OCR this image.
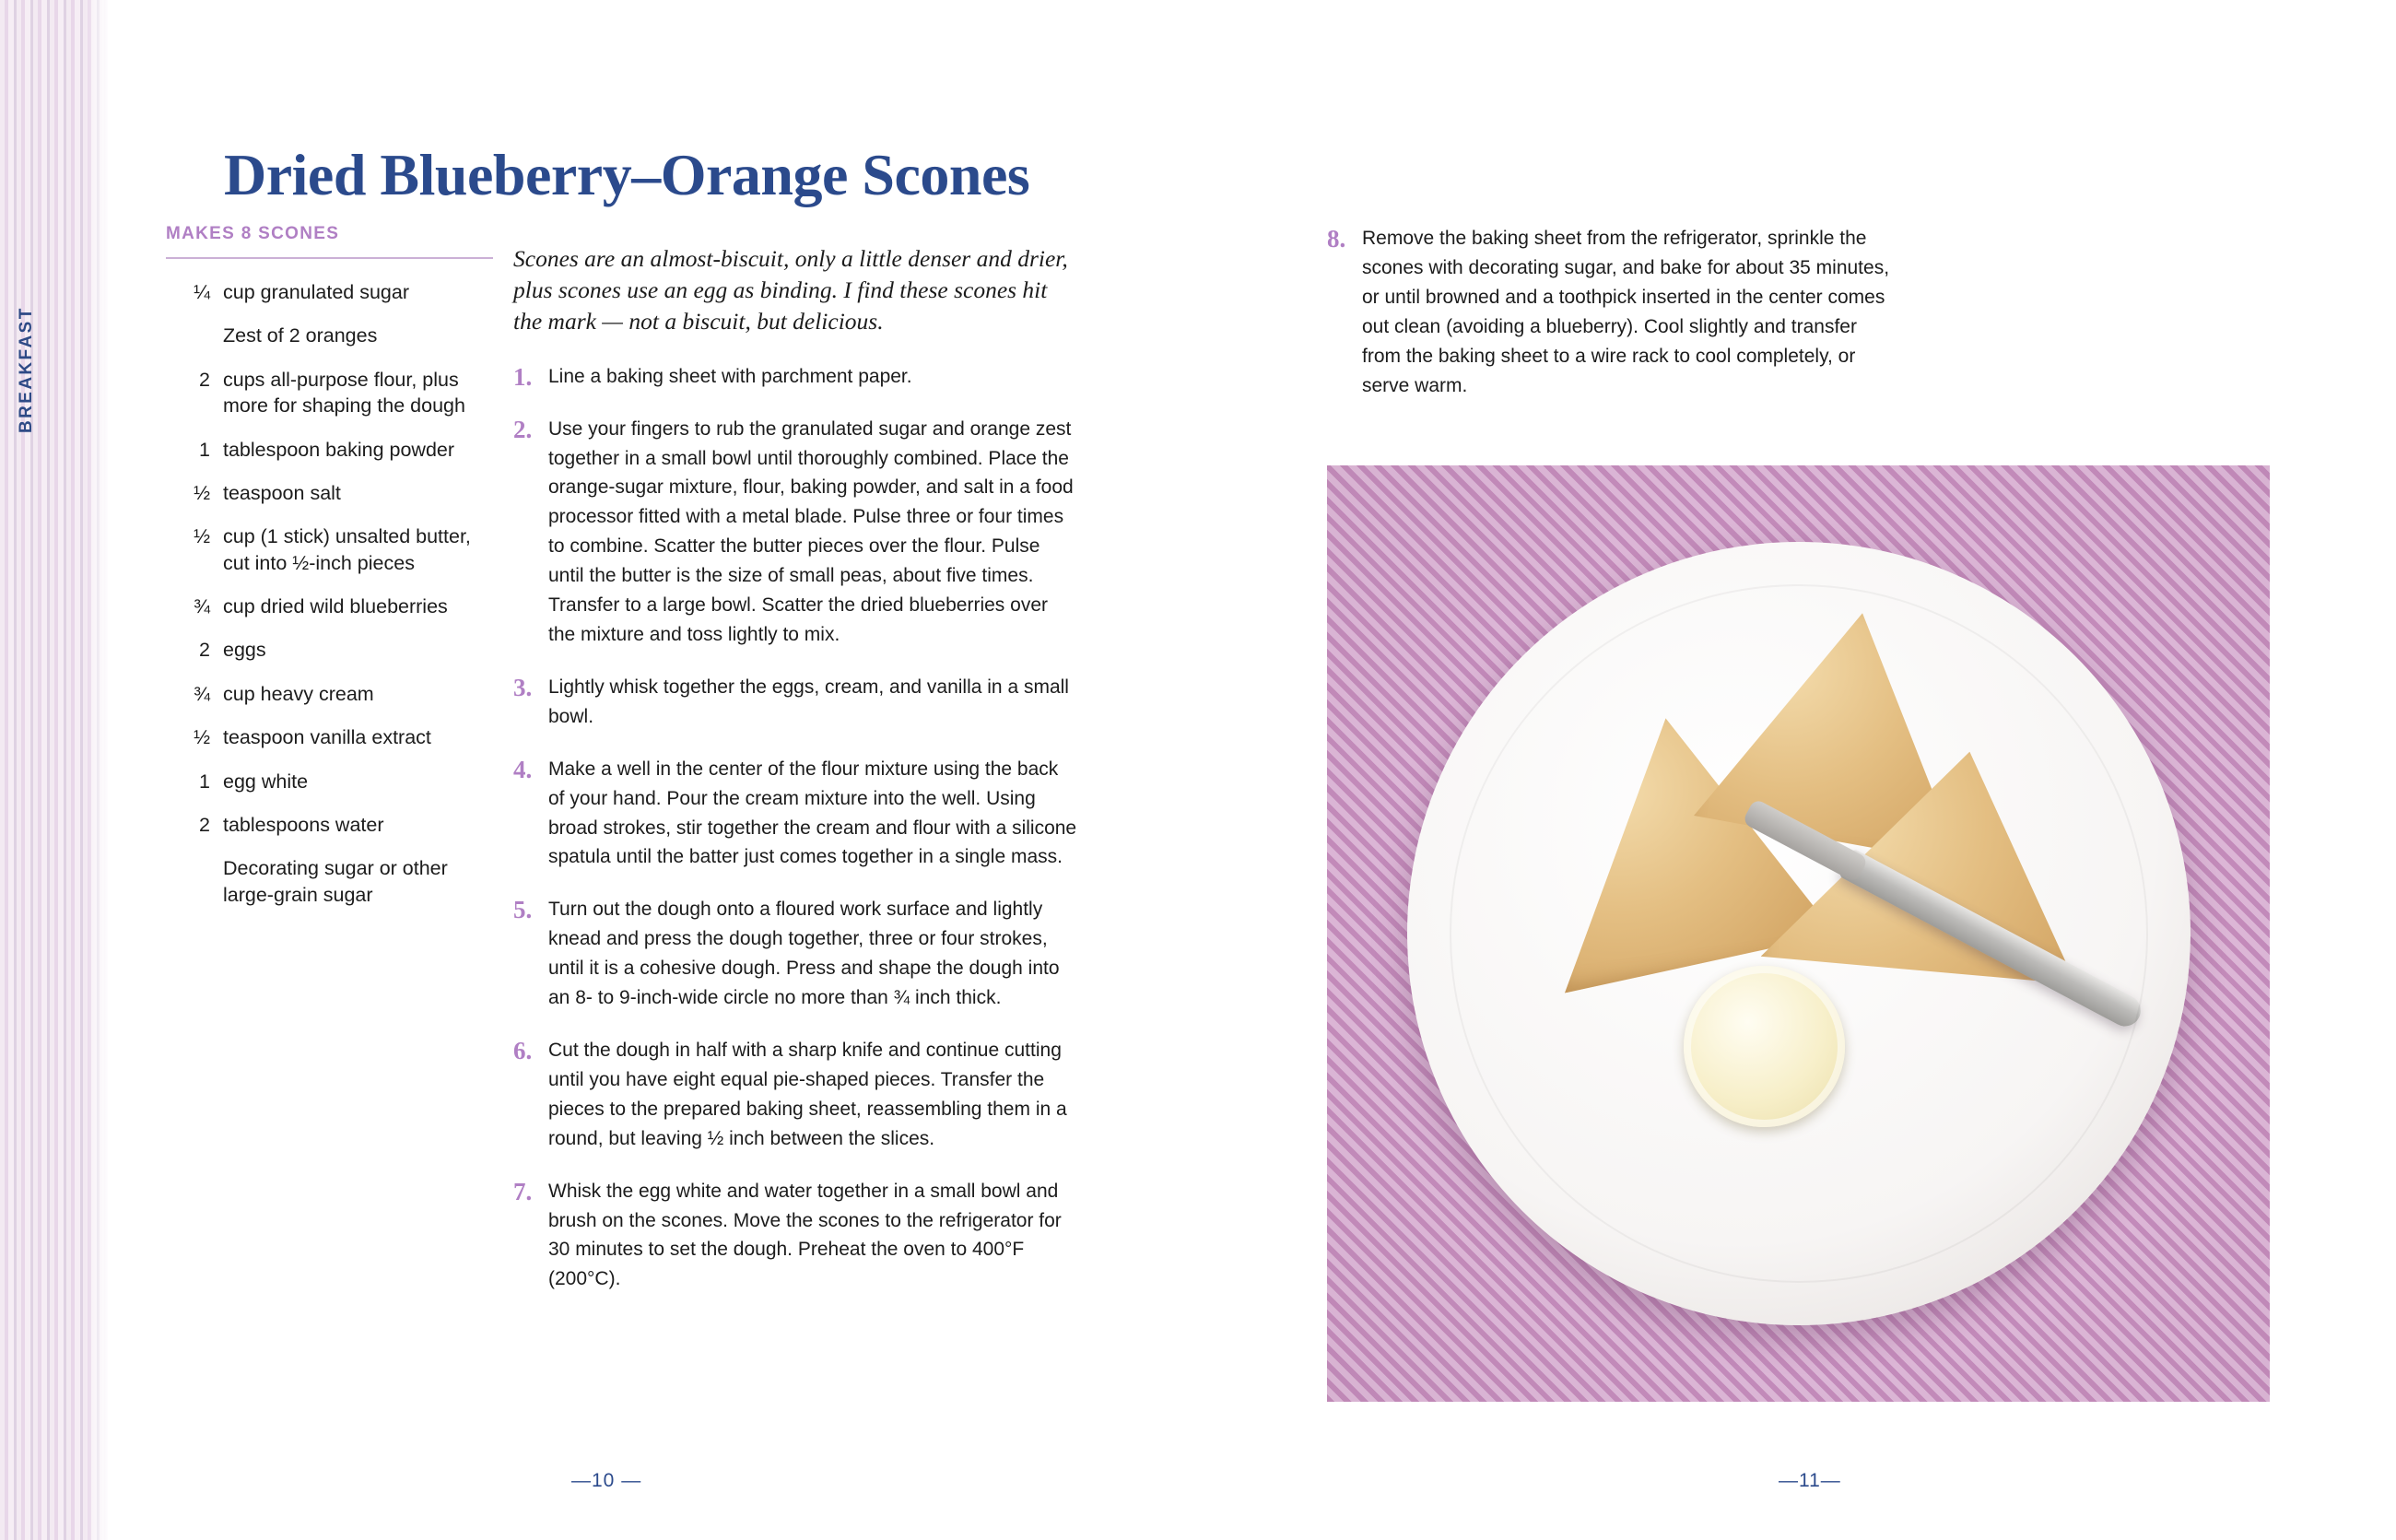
BREAKFAST
Dried Blueberry–Orange Scones
MAKES 8 SCONES
¼ cup granulated sugar
Zest of 2 oranges
2 cups all-purpose flour, plus more for shaping the dough
1 tablespoon baking powder
½ teaspoon salt
½ cup (1 stick) unsalted butter, cut into ½-inch pieces
¾ cup dried wild blueberries
2 eggs
¾ cup heavy cream
½ teaspoon vanilla extract
1 egg white
2 tablespoons water
Decorating sugar or other large-grain sugar

Scones are an almost-biscuit, only a little denser and drier, plus scones use an egg as binding. I find these scones hit the mark — not a biscuit, but delicious.

1. Line a baking sheet with parchment paper.
2. Use your fingers to rub the granulated sugar and orange zest together in a small bowl until thoroughly combined. Place the orange-sugar mixture, flour, baking powder, and salt in a food processor fitted with a metal blade. Pulse three or four times to combine. Scatter the butter pieces over the flour. Pulse until the butter is the size of small peas, about five times. Transfer to a large bowl. Scatter the dried blueberries over the mixture and toss lightly to mix.
3. Lightly whisk together the eggs, cream, and vanilla in a small bowl.
4. Make a well in the center of the flour mixture using the back of your hand. Pour the cream mixture into the well. Using broad strokes, stir together the cream and flour with a silicone spatula until the batter just comes together in a single mass.
5. Turn out the dough onto a floured work surface and lightly knead and press the dough together, three or four strokes, until it is a cohesive dough. Press and shape the dough into an 8- to 9-inch-wide circle no more than ¾ inch thick.
6. Cut the dough in half with a sharp knife and continue cutting until you have eight equal pie-shaped pieces. Transfer the pieces to the prepared baking sheet, reassembling them in a round, but leaving ½ inch between the slices.
7. Whisk the egg white and water together in a small bowl and brush on the scones. Move the scones to the refrigerator for 30 minutes to set the dough. Preheat the oven to 400°F (200°C).
—10 —
8. Remove the baking sheet from the refrigerator, sprinkle the scones with decorating sugar, and bake for about 35 minutes, or until browned and a toothpick inserted in the center comes out clean (avoiding a blueberry). Cool slightly and transfer from the baking sheet to a wire rack to cool completely, or serve warm.
—11—
